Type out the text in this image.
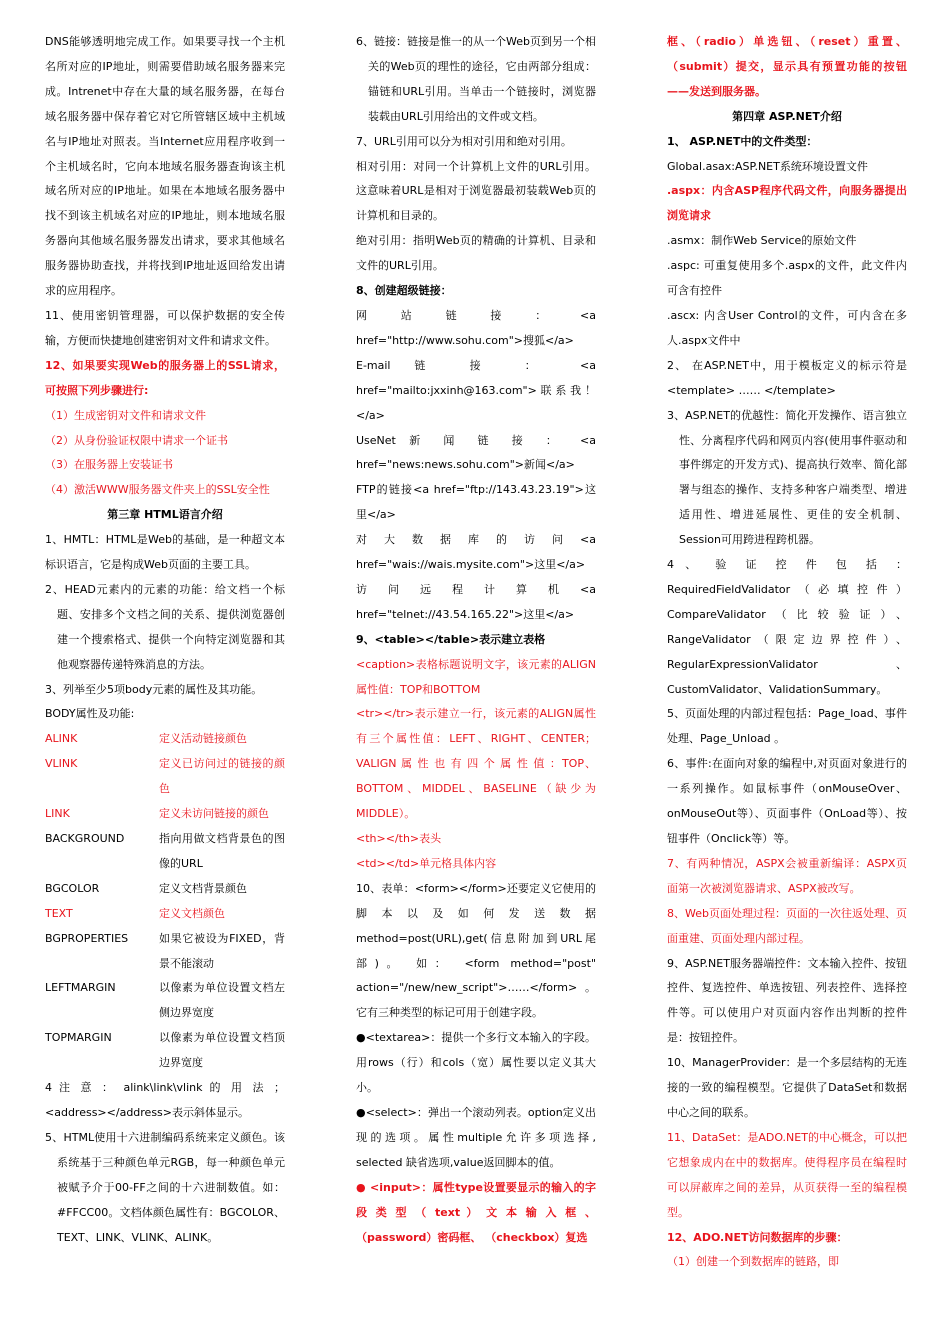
DNS能够透明地完成工作。如果要寻找一个主机名所对应的IP地址，则需要借助域名服务器来完成。Intrenet中存在大量的域名服务器，在每台域名服务器中保存着它对它所管辖区域中主机域名与IP地址对照表。当Internet应用程序收到一个主机域名时，它向本地域名服务器查询该主机域名所对应的IP地址。如果在本地域名服务器中找不到该主机域名对应的IP地址，则本地域名服务器向其他域名服务器发出请求，要求其他域名服务器协助查找，并将找到IP地址返回给发出请求的应用程序。

11、使用密钥管理器，可以保护数据的安全传输，方便而快捷地创建密钥对文件和请求文件。

12、如果要实现Web的服务器上的SSL请求，可按照下列步骤进行:

（1）生成密钥对文件和请求文件

（2）从身份验证权限中请求一个证书

（3）在服务器上安装证书

（4）激活WWW服务器文件夹上的SSL安全性

第三章 HTML语言介绍

1、HMTL：HTML是Web的基础，是一种超文本标识语言，它是构成Web页面的主要工具。

2、HEAD元素内的元素的功能：给文档一个标题、安排多个文档之间的关系、提供浏览器创建一个搜索格式、提供一个向特定浏览器和其他观察器传递特殊消息的方法。

3、列举至少5项body元素的属性及其功能。

BODY属性及功能:

ALINK	定义活动链接颜色

VLINK	定义已访问过的链接的颜色

LINK	定义未访问链接的颜色

BACKGROUND	指向用做文档背景色的图像的URL

BGCOLOR	定义文档背景颜色

TEXT	定义文档颜色

BGPROPERTIES	如果它被设为FIXED，背景不能滚动

LEFTMARGIN	以像素为单位设置文档左侧边界宽度

TOPMARGIN	以像素为单位设置文档顶边界宽度

4 注 意 ： alink\link\vlink 的 用 法 ； <address></address>表示斜体显示。

5、HTML使用十六进制编码系统来定义颜色。该系统基于三种颜色单元RGB，每一种颜色单元被赋予介于00-FF之间的十六进制数值。如：#FFCC00。文档体颜色属性有：BGCOLOR、TEXT、LINK、VLINK、ALINK。

6、链接：链接是惟一的从一个Web页到另一个相关的Web页的理性的途径，它由两部分组成：锚链和URL引用。当单击一个链接时，浏览器装载由URL引用给出的文件或文档。

7、URL引用可以分为相对引用和绝对引用。

相对引用：对同一个计算机上文件的URL引用。这意味着URL是相对于浏览器最初装载Web页的计算机和目录的。

绝对引用：指明Web页的精确的计算机、目录和文件的URL引用。

8、创建超级链接：

网 站 链 接 ： <a href="http://www.sohu.com">搜狐</a>

E-mail 链 接 ： <a href="mailto:jxxinh@163.com"> 联 系 我 ！ </a>

UseNet 新 闻 链 接 ： <a href="news:news.sohu.com">新闻</a>

FTP的链接<a href="ftp://143.43.23.19">这里</a>

对 大 数 据 库 的 访 问 <a href="wais://wais.mysite.com">这里</a>

访 问 远 程 计 算 机 <a href="telnet://43.54.165.22">这里</a>

9、<table></table>表示建立表格

<caption>表格标题说明文字，该元素的ALIGN属性值：TOP和BOTTOM

<tr></tr>表示建立一行，该元素的ALIGN属性有三个属性值：LEFT、RIGHT、CENTER；VALIGN 属 性 也 有 四 个 属 性 值 ：TOP、BOTTOM、MIDDEL、BASELINE（缺少为MIDDLE）。

<th></th>表头

<td></td>单元格具体内容

10、表单：<form></form>还要定义它使用的脚 本 以 及 如 何 发 送 数 据 method=post(URL),get(信息附加到URL尾部)。 如： <form method="post" action="/new/new_script">……</form> 。它有三种类型的标记可用于创建字段。

●<textarea>：提供一个多行文本输入的字段。用rows（行）和cols（宽）属性要以定义其大 小。

●<select>：弹出一个滚动列表。option定义出现的选项。属性multiple允许多项选择, selected 缺省选项,value返回脚本的值。

● <input>：属性type设置要显示的输入的字 段 类 型 （ text ） 文 本 输 入 框 、（password）密码框、 （checkbox）复选

框、（radio）单选钮、（reset）重置、（submit）提交，显示具有预置功能的按钮——发送到服务器。

第四章 ASP.NET介绍

1、 ASP.NET中的文件类型：

Global.asax:ASP.NET系统环境设置文件

.aspx：内含ASP程序代码文件，向服务器提出浏览请求

.asmx：制作Web Service的原始文件

.aspc: 可重复使用多个.aspx的文件，此文件内可含有控件

.ascx: 内含User Control的文件，可内含在多人.aspx文件中

2、 在ASP.NET中，用于模板定义的标示符是<template> …… </template>

3、ASP.NET的优越性：简化开发操作、语言独立性、分离程序代码和网页内容(使用事件驱动和事件绑定的开发方式)、提高执行效率、简化部署与组态的操作、支持多种客户端类型、增进适用性、增进延展性、更佳的安全机制、Session可用跨进程跨机器。

4 、 验 证 控 件 包 括 ： RequiredFieldValidator（必填控件）CompareValidator（比较验证）、RangeValidator（限定边界控件）、RegularExpressionValidator、CustomValidator、ValidationSummary。

5、页面处理的内部过程包括：Page_load、事件处理、Page_Unload 。

6、事件:在面向对象的编程中,对页面对象进行的一系列操作。如鼠标事件（onMouseOver、onMouseOut等）、页面事件（OnLoad等）、按钮事件（Onclick等）等。

7、有两种情况，ASPX会被重新编译：ASPX页面第一次被浏览器请求、ASPX被改写。

8、Web页面处理过程：页面的一次往返处理、页面重建、页面处理内部过程。

9、ASP.NET服务器端控件：文本输入控件、按钮控件、复选控件、单选按钮、列表控件、选择控件等。可以使用户对页面内容作出判断的控件是：按钮控件。

10、ManagerProvider：是一个多层结构的无连接的一致的编程模型。它提供了DataSet和数据中心之间的联系。

11、DataSet：是ADO.NET的中心概念，可以把它想象成内在中的数据库。使得程序员在编程时可以屏蔽库之间的差异，从页获得一至的编程模型。

12、ADO.NET访问数据库的步骤：

（1）创建一个到数据库的链路，即
